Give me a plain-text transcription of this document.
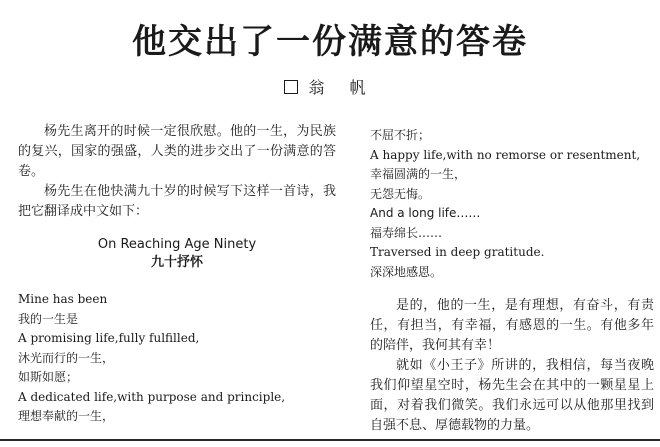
他交出了一份满意的答卷
翁 帆

杨先生离开的时候一定很欣慰。他的一生，为民族的复兴，国家的强盛，人类的进步交出了一份满意的答卷。

杨先生在他快满九十岁的时候写下这样一首诗，我把它翻译成中文如下：

On Reaching Age Ninety
九十抒怀
Mine has been
我的一生是
A promising life,fully fulfilled,
沐光而行的一生，
如斯如愿；
A dedicated life,with purpose and principle,
理想奉献的一生，
不屈不折；
A happy life,with no remorse or resentment,
幸福圆满的一生，
无怨无悔。
And a long life……
福寿绵长……
Traversed in deep gratitude.
深深地感恩。

是的，他的一生，是有理想，有奋斗，有责任，有担当，有幸福，有感恩的一生。有他多年的陪伴，我何其有幸！

就如《小王子》所讲的，我相信，每当夜晚我们仰望星空时，杨先生会在其中的一颗星星上面，对着我们微笑。我们永远可以从他那里找到自强不息、厚德载物的力量。
